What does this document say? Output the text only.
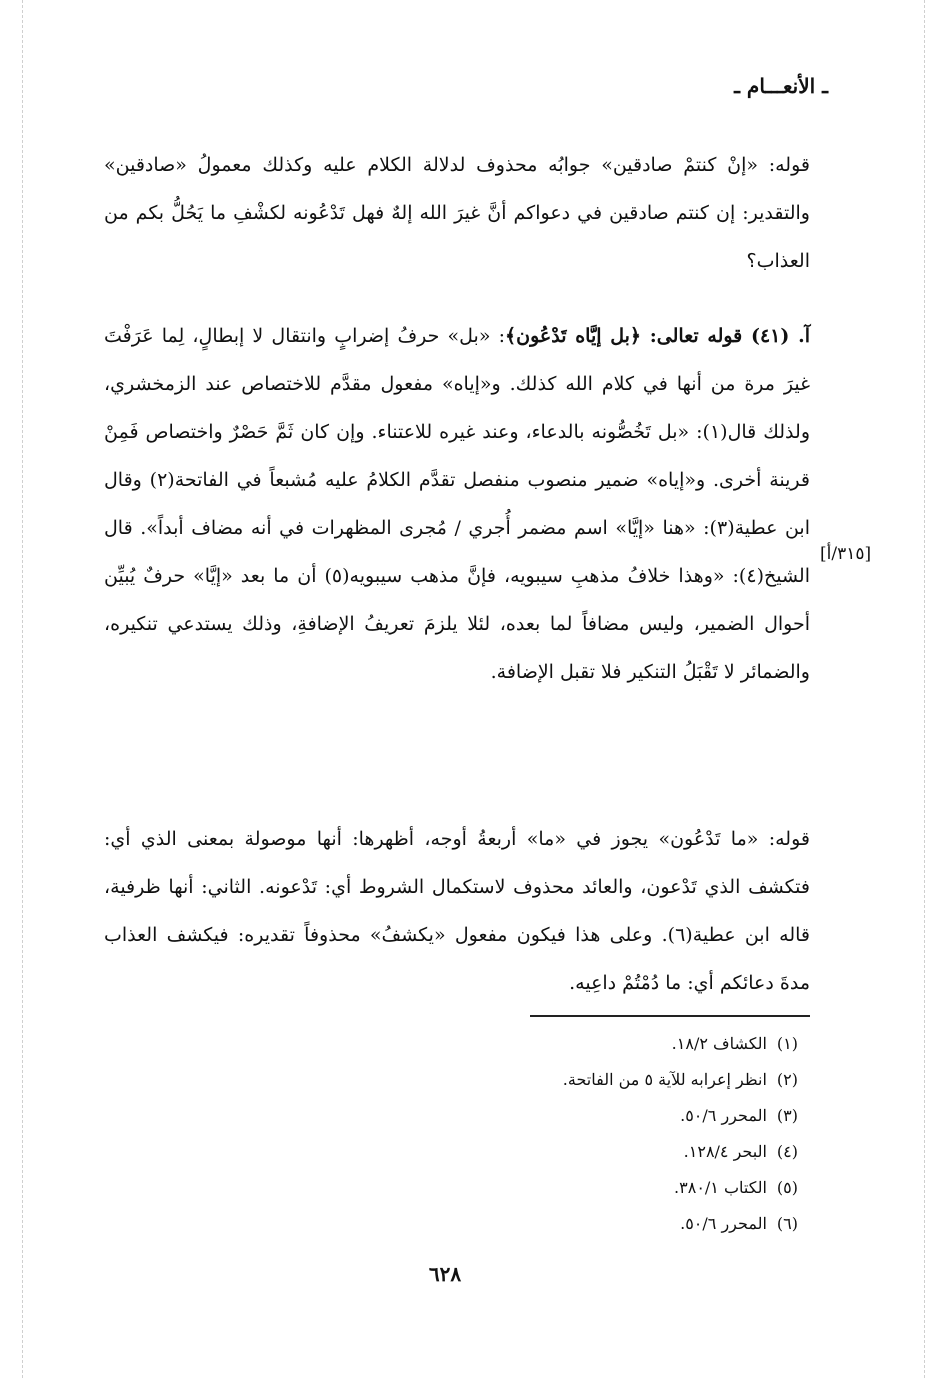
ـ الأنعـــام ـ

قوله: «إنْ كنتمْ صادقين» جوابُه محذوف لدلالة الكلام عليه وكذلك معمولُ «صادقين» والتقدير: إن كنتم صادقين في دعواكم أنَّ غيرَ الله إلهٌ فهل تَدْعُونه لكشْفِ ما يَحُلُّ بكم من العذاب؟

آ. (٤١) قوله تعالى: ﴿بل إيَّاه تَدْعُون﴾: «بل» حرفُ إضرابٍ وانتقال لا إبطالٍ، لِما عَرَفْتَ غيرَ مرة من أنها في كلام الله كذلك. و«إياه» مفعول مقدَّم للاختصاص عند الزمخشري، ولذلك قال(١): «بل تَخُصُّونه بالدعاء، وعند غيره للاعتناء. وإن كان ثَمَّ حَصْرٌ واختصاص فَمِنْ قرينة أخرى. و«إياه» ضمير منصوب منفصل تقدَّم الكلامُ عليه مُشبعاً في الفاتحة(٢) وقال ابن عطية(٣): «هنا «إيَّا» اسم مضمر أُجري / مُجرى المظهرات في أنه مضاف أبداً». قال الشيخ(٤): «وهذا خلافُ مذهبِ سيبويه، فإنَّ مذهب سيبويه(٥) أن ما بعد «إيَّا» حرفٌ يُبيِّن أحوال الضمير، وليس مضافاً لما بعده، لئلا يلزمَ تعريفُ الإضافةِ، وذلك يستدعي تنكيره، والضمائر لا تَقْبَلُ التنكير فلا تقبل الإضافة.

[٣١٥/أ]

قوله: «ما تَدْعُون» يجوز في «ما» أربعةُ أوجه، أظهرها: أنها موصولة بمعنى الذي أي: فتكشف الذي تَدْعون، والعائد محذوف لاستكمال الشروط أي: تَدْعونه. الثاني: أنها ظرفية، قاله ابن عطية(٦). وعلى هذا فيكون مفعول «يكشفُ» محذوفاً تقديره: فيكشف العذاب مدةَ دعائكم أي: ما دُمْتُمْ داعِيه.

(١)الكشاف ١٨/٢.
(٢)انظر إعرابه للآية ٥ من الفاتحة.
(٣)المحرر ٥٠/٦.
(٤)البحر ١٢٨/٤.
(٥)الكتاب ٣٨٠/١.
(٦)المحرر ٥٠/٦.
٦٢٨
